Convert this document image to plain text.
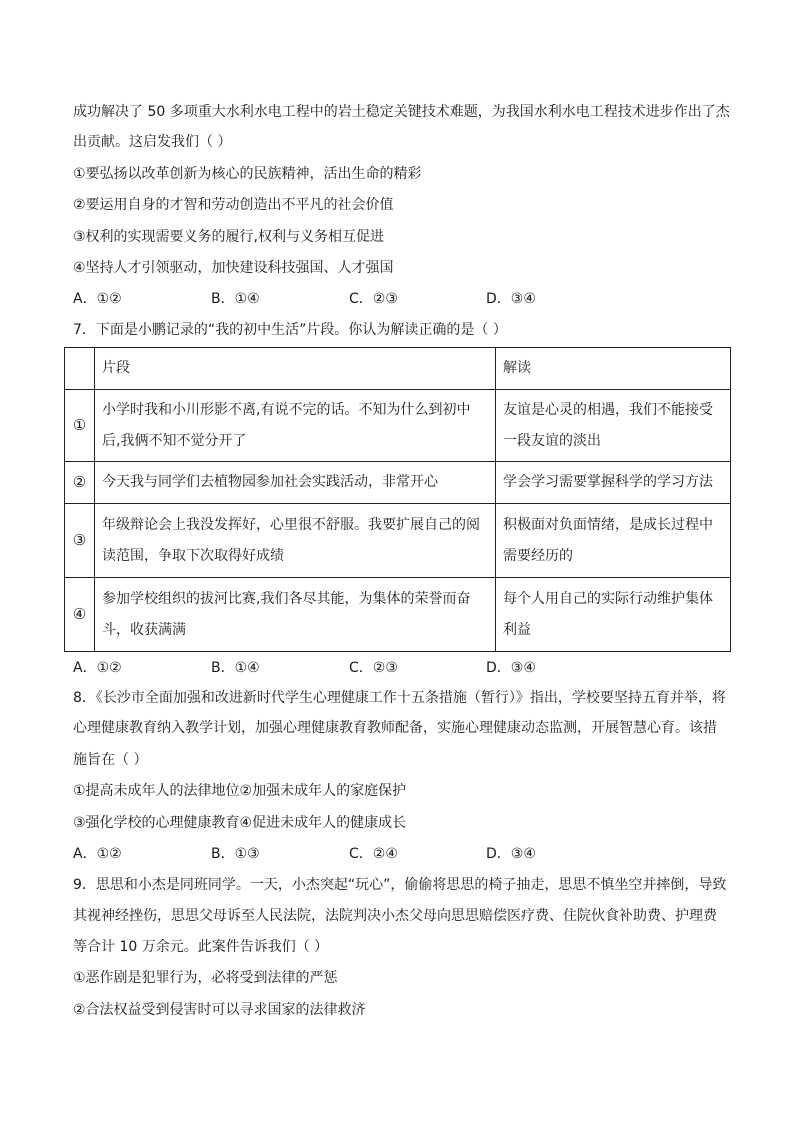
成功解决了 50 多项重大水利水电工程中的岩土稳定关键技术难题，为我国水利水电工程技术进步作出了杰
出贡献。这启发我们（ ）
①要弘扬以改革创新为核心的民族精神，活出生命的精彩
②要运用自身的才智和劳动创造出不平凡的社会价值
③权利的实现需要义务的履行,权利与义务相互促进
④坚持人才引领驱动，加快建设科技强国、人才强国
A．①②	B．①④	C．②③	D．③④
7．下面是小鹏记录的“我的初中生活”片段。你认为解读正确的是（ ）
	片段	解读
①	小学时我和小川形影不离,有说不完的话。不知为什么到初中后,我俩不知不觉分开了	友谊是心灵的相遇，我们不能接受一段友谊的淡出
②	今天我与同学们去植物园参加社会实践活动，非常开心	学会学习需要掌握科学的学习方法
③	年级辩论会上我没发挥好，心里很不舒服。我要扩展自己的阅读范围，争取下次取得好成绩	积极面对负面情绪，是成长过程中需要经历的
④	参加学校组织的拔河比赛,我们各尽其能，为集体的荣誉而奋斗，收获满满	每个人用自己的实际行动维护集体利益
A．①②	B．①④	C．②③	D．③④
8．《长沙市全面加强和改进新时代学生心理健康工作十五条措施（暂行）》指出，学校要坚持五育并举，将
心理健康教育纳入教学计划，加强心理健康教育教师配备，实施心理健康动态监测，开展智慧心育。该措
施旨在（ ）
①提高未成年人的法律地位②加强未成年人的家庭保护
③强化学校的心理健康教育④促进未成年人的健康成长
A．①②	B．①③	C．②④	D．③④
9．思思和小杰是同班同学。一天，小杰突起“玩心”，偷偷将思思的椅子抽走，思思不慎坐空并摔倒，导致
其视神经挫伤，思思父母诉至人民法院，法院判决小杰父母向思思赔偿医疗费、住院伙食补助费、护理费
等合计 10 万余元。此案件告诉我们（ ）
①恶作剧是犯罪行为，必将受到法律的严惩
②合法权益受到侵害时可以寻求国家的法律救济
